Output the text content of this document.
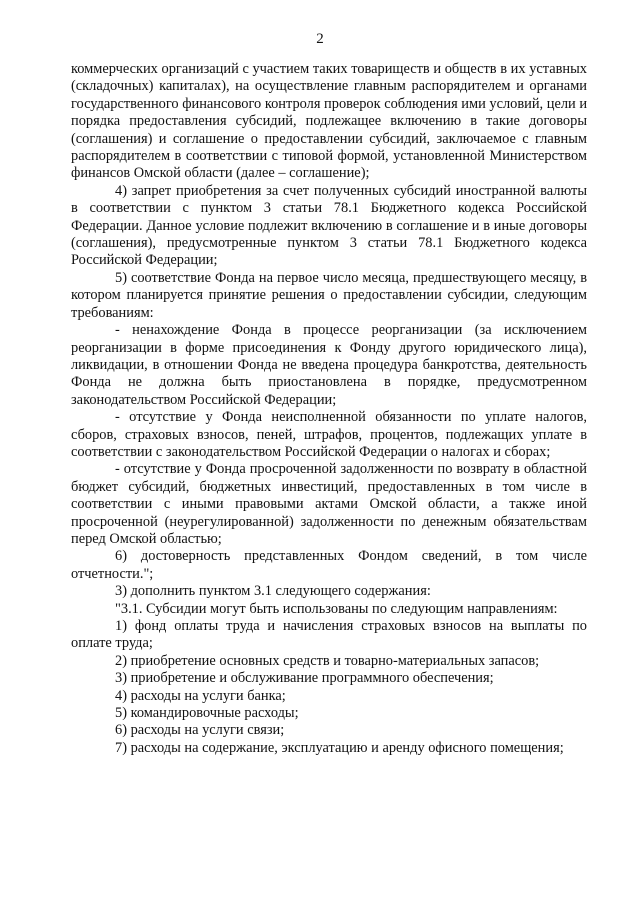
2

коммерческих организаций с участием таких товариществ и обществ в их уставных (складочных) капиталах), на осуществление главным распорядителем и органами государственного финансового контроля проверок соблюдения ими условий, цели и порядка предоставления субсидий, подлежащее включению в такие договоры (соглашения) и соглашение о предоставлении субсидий, заключаемое с главным распорядителем в соответствии с типовой формой, установленной Министерством финансов Омской области (далее – соглашение);

4) запрет приобретения за счет полученных субсидий иностранной валюты в соответствии с пунктом 3 статьи 78.1 Бюджетного кодекса Российской Федерации. Данное условие подлежит включению в соглашение и в иные договоры (соглашения), предусмотренные пунктом 3 статьи 78.1 Бюджетного кодекса Российской Федерации;

5) соответствие Фонда на первое число месяца, предшествующего месяцу, в котором планируется принятие решения о предоставлении субсидии, следующим требованиям:

- ненахождение Фонда в процессе реорганизации (за исключением реорганизации в форме присоединения к Фонду другого юридического лица), ликвидации, в отношении Фонда не введена процедура банкротства, деятельность Фонда не должна быть приостановлена в порядке, предусмотренном законодательством Российской Федерации;

- отсутствие у Фонда неисполненной обязанности по уплате налогов, сборов, страховых взносов, пеней, штрафов, процентов, подлежащих уплате в соответствии с законодательством Российской Федерации о налогах и сборах;

- отсутствие у Фонда просроченной задолженности по возврату в областной бюджет субсидий, бюджетных инвестиций, предоставленных в том числе в соответствии с иными правовыми актами Омской области, а также иной просроченной (неурегулированной) задолженности по денежным обязательствам перед Омской областью;

6) достоверность представленных Фондом сведений, в том числе отчетности.";

3) дополнить пунктом 3.1 следующего содержания:

"3.1. Субсидии могут быть использованы по следующим направлениям:

1) фонд оплаты труда и начисления страховых взносов на выплаты по оплате труда;

2) приобретение основных средств и товарно-материальных запасов;

3) приобретение и обслуживание программного обеспечения;

4) расходы на услуги банка;

5) командировочные расходы;

6) расходы на услуги связи;

7) расходы на содержание, эксплуатацию и аренду офисного помещения;
